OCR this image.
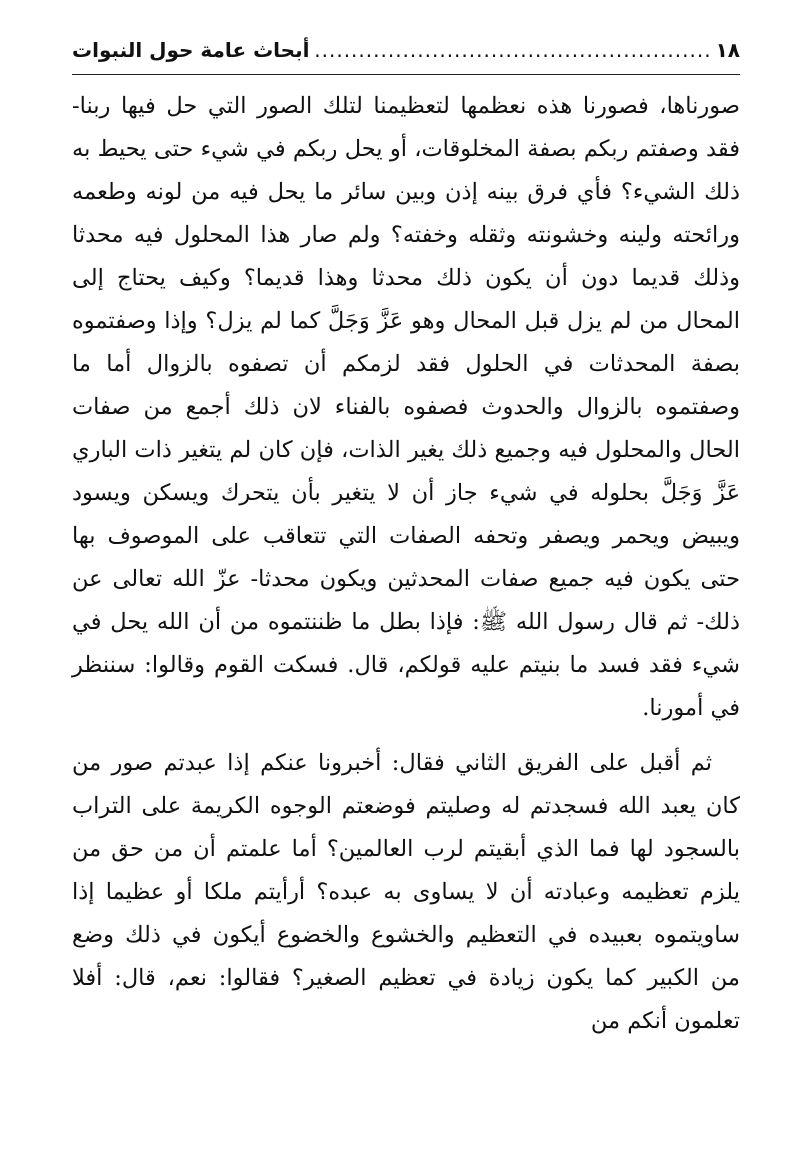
١٨
......................................................
أبحاث عامة حول النبوات

صورناها، فصورنا هذه نعظمها لتعظيمنا لتلك الصور التي حل فيها ربنا- فقد وصفتم ربكم بصفة المخلوقات، أو يحل ربكم في شيء حتى يحيط به ذلك الشيء؟ فأي فرق بينه إذن وبين سائر ما يحل فيه من لونه وطعمه ورائحته ولينه وخشونته وثقله وخفته؟ ولم صار هذا المحلول فيه محدثا وذلك قديما دون أن يكون ذلك محدثا وهذا قديما؟ وكيف يحتاج إلى المحال من لم يزل قبل المحال وهو عَزَّ وَجَلَّ كما لم يزل؟ وإذا وصفتموه بصفة المحدثات في الحلول فقد لزمكم أن تصفوه بالزوال أما ما وصفتموه بالزوال والحدوث فصفوه بالفناء لان ذلك أجمع من صفات الحال والمحلول فيه وجميع ذلك يغير الذات، فإن كان لم يتغير ذات الباري عَزَّ وَجَلَّ بحلوله في شيء جاز أن لا يتغير بأن يتحرك ويسكن ويسود ويبيض ويحمر ويصفر وتحفه الصفات التي تتعاقب على الموصوف بها حتى يكون فيه جميع صفات المحدثين ويكون محدثا- عزّ الله تعالى عن ذلك- ثم قال رسول الله ﷺ: فإذا بطل ما ظننتموه من أن الله يحل في شيء فقد فسد ما بنيتم عليه قولكم، قال. فسكت القوم وقالوا: سننظر في أمورنا.

ثم أقبل على الفريق الثاني فقال: أخبرونا عنكم إذا عبدتم صور من كان يعبد الله فسجدتم له وصليتم فوضعتم الوجوه الكريمة على التراب بالسجود لها فما الذي أبقيتم لرب العالمين؟ أما علمتم أن من حق من يلزم تعظيمه وعبادته أن لا يساوى به عبده؟ أرأيتم ملكا أو عظيما إذا ساويتموه بعبيده في التعظيم والخشوع والخضوع أيكون في ذلك وضع من الكبير كما يكون زيادة في تعظيم الصغير؟ فقالوا: نعم، قال: أفلا تعلمون أنكم من
